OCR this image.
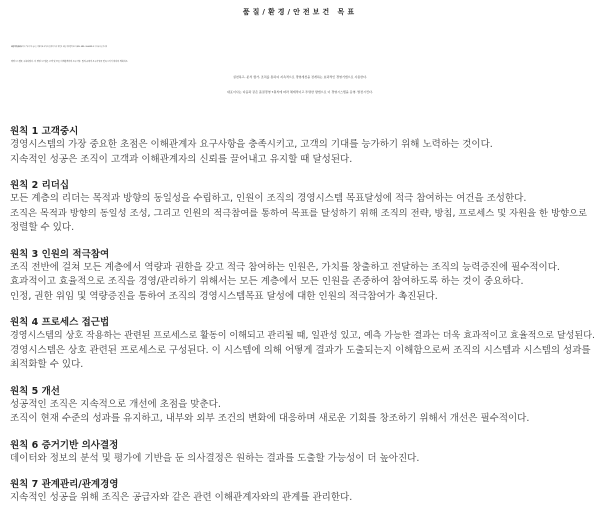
품질/환경/안전보건 목표
대선아이넷(주)(이하 "당사"라 함.)는 경영목표 달성과 안정적 지속 발전을 위한 경영전략으로 QMS, EMS, OH&SMS 요구사항에 근거하여
경영시스템을 구축하였다. 이 경영시스템은 고객 및 모든 이해관계자의 요구사항, 법적,규제적 요구사항을 만족시키기 위하여 계획하고,
실천하고, 분석 생가, 조치를 통하여 지속적으로 경영개선을 전개하는 효과적인 경영기법으로 사용한다.
대표이사는 다음과 같은 품질경영 7원칙에 따라 체계적이고 투명한 방법으로 이 경영시스템을 운영. 발전시킨다.
원칙 1 고객중시
경영시스템의 가장 중요한 초점은 이해관계자 요구사항을 충족시키고, 고객의 기대를 능가하기 위해 노력하는 것이다.
지속적인 성공은 조직이 고객과 이해관계자의 신뢰를 끌어내고 유지할 때 달성된다.
원칙 2 리더십
모든 계층의 리더는 목적과 방향의 동일성을 수립하고, 인원이 조직의 경영시스템 목표달성에 적극 참여하는 여건을 조성한다.
조직은 목적과 방향의 동일성 조성, 그리고 인원의 적극참여를 통하여 목표를 달성하기 위해 조직의 전략, 방침, 프로세스 및 자원을 한 방향으로
정렬할 수 있다.
원칙 3 인원의 적극참여
조직 전반에 걸쳐 모든 계층에서 역량과 권한을 갖고 적극 참여하는 인원은, 가치를 창출하고 전달하는 조직의 능력증진에 필수적이다.
효과적이고 효율적으로 조직을 경영/관리하기 위해서는 모든 계층에서 모든 인원을 존중하여 참여하도록 하는 것이 중요하다.
인정, 권한 위임 및 역량증진을 통하여 조직의 경영시스템목표 달성에 대한 인원의 적극참여가 촉진된다.
원칙 4 프로세스 접근법
경영시스템의 상호 작용하는 관련된 프로세스로 활동이 이해되고 관리될 때, 일관성 있고, 예측 가능한 결과는 더욱 효과적이고 효율적으로 달성된다.
경영시스템은 상호 관련된 프로세스로 구성된다. 이 시스템에 의해 어떻게 결과가 도출되는지 이해함으로써 조직의 시스템과 시스템의 성과를
최적화할 수 있다.
원칙 5 개선
성공적인 조직은 지속적으로 개선에 초점을 맞춘다.
조직이 현재 수준의 성과를 유지하고, 내부와 외부 조건의 변화에 대응하며 새로운 기회를 창조하기 위해서 개선은 필수적이다.
원칙 6 증거기반 의사결정
데이터와 정보의 분석 및 평가에 기반을 둔 의사결정은 원하는 결과를 도출할 가능성이 더 높아진다.
원칙 7 관계관리/관계경영
지속적인 성공을 위해 조직은 공급자와 같은 관련 이해관계자와의 관계를 관리한다.
